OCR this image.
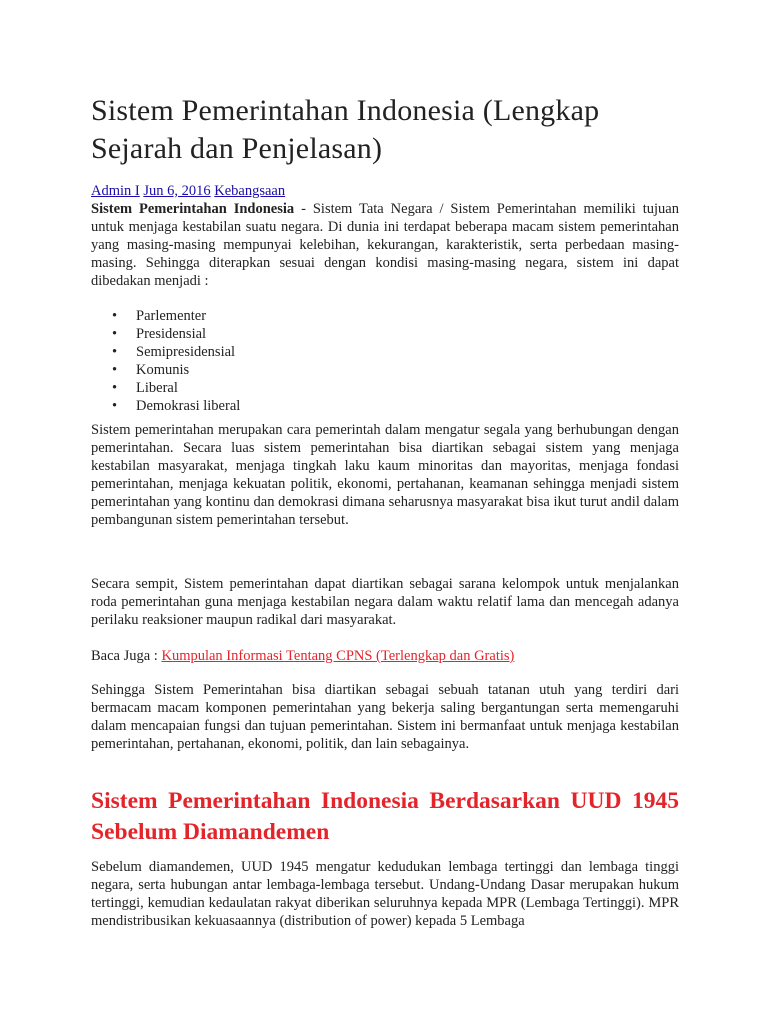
Sistem Pemerintahan Indonesia (Lengkap Sejarah dan Penjelasan)
Admin I Jun 6, 2016 Kebangsaan

Sistem Pemerintahan Indonesia - Sistem Tata Negara / Sistem Pemerintahan memiliki tujuan untuk menjaga kestabilan suatu negara. Di dunia ini terdapat beberapa macam sistem pemerintahan yang masing-masing mempunyai kelebihan, kekurangan, karakteristik, serta perbedaan masing-masing. Sehingga diterapkan sesuai dengan kondisi masing-masing negara, sistem ini dapat dibedakan menjadi :

• Parlementer
• Presidensial
• Semipresidensial
• Komunis
• Liberal
• Demokrasi liberal

Sistem pemerintahan merupakan cara pemerintah dalam mengatur segala yang berhubungan dengan pemerintahan. Secara luas sistem pemerintahan bisa diartikan sebagai sistem yang menjaga kestabilan masyarakat, menjaga tingkah laku kaum minoritas dan mayoritas, menjaga fondasi pemerintahan, menjaga kekuatan politik, ekonomi, pertahanan, keamanan sehingga menjadi sistem pemerintahan yang kontinu dan demokrasi dimana seharusnya masyarakat bisa ikut turut andil dalam pembangunan sistem pemerintahan tersebut.

Secara sempit, Sistem pemerintahan dapat diartikan sebagai sarana kelompok untuk menjalankan roda pemerintahan guna menjaga kestabilan negara dalam waktu relatif lama dan mencegah adanya perilaku reaksioner maupun radikal dari masyarakat.

Baca Juga : Kumpulan Informasi Tentang CPNS (Terlengkap dan Gratis)

Sehingga Sistem Pemerintahan bisa diartikan sebagai sebuah tatanan utuh yang terdiri dari bermacam macam komponen pemerintahan yang bekerja saling bergantungan serta memengaruhi dalam mencapaian fungsi dan tujuan pemerintahan. Sistem ini bermanfaat untuk menjaga kestabilan pemerintahan, pertahanan, ekonomi, politik, dan lain sebagainya.

Sistem Pemerintahan Indonesia Berdasarkan UUD 1945 Sebelum Diamandemen

Sebelum diamandemen, UUD 1945 mengatur kedudukan lembaga tertinggi dan lembaga tinggi negara, serta hubungan antar lembaga-lembaga tersebut. Undang-Undang Dasar merupakan hukum tertinggi, kemudian kedaulatan rakyat diberikan seluruhnya kepada MPR (Lembaga Tertinggi). MPR mendistribusikan kekuasaannya (distribution of power) kepada 5 Lembaga
